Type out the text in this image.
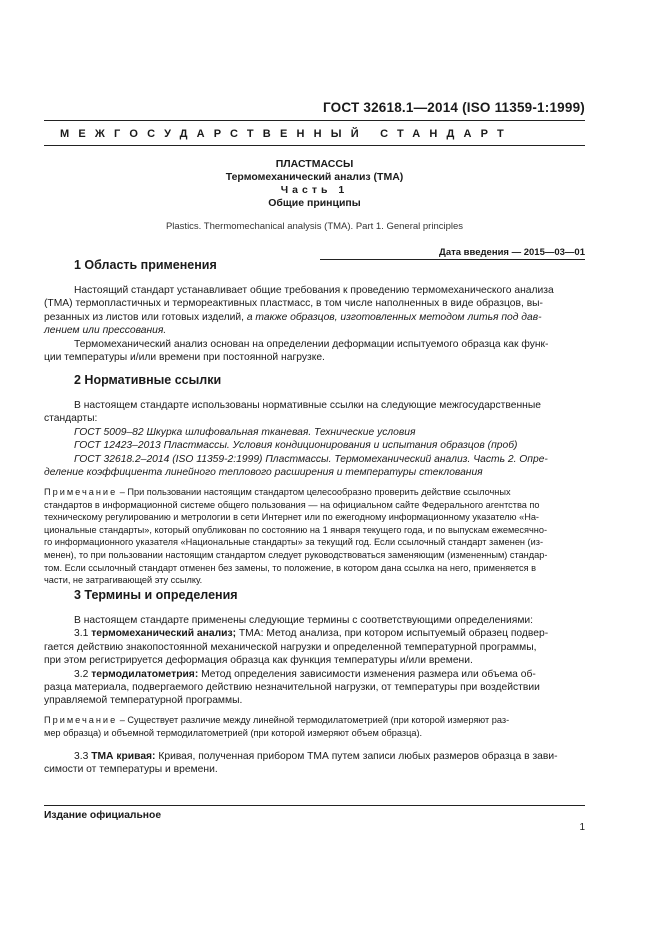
ГОСТ 32618.1—2014 (ISO 11359-1:1999)
МЕЖГОСУДАРСТВЕННЫЙ СТАНДАРТ
ПЛАСТМАССЫ
Термомеханический анализ (ТМА)
Часть 1
Общие принципы
Plastics. Thermomechanical analysis (TMA). Part 1. General principles
Дата введения — 2015—03—01
1 Область применения
Настоящий стандарт устанавливает общие требования к проведению термомеханического анализа
(ТМА) термопластичных и термореактивных пластмасс, в том числе наполненных в виде образцов, вы-
резанных из листов или готовых изделий, а также образцов, изготовленных методом литья под дав-
лением или прессования.
Термомеханический анализ основан на определении деформации испытуемого образца как функ-
ции температуры и/или времени при постоянной нагрузке.
2 Нормативные ссылки
В настоящем стандарте использованы нормативные ссылки на следующие межгосударственные
стандарты:
ГОСТ 5009–82 Шкурка шлифовальная тканевая. Технические условия
ГОСТ 12423–2013 Пластмассы. Условия кондиционирования и испытания образцов (проб)
ГОСТ 32618.2–2014 (ISO 11359-2:1999) Пластмассы. Термомеханический анализ. Часть 2. Опре-
деление коэффициента линейного теплового расширения и температуры стеклования
Примечание – При пользовании настоящим стандартом целесообразно проверить действие ссылочных
стандартов в информационной системе общего пользования — на официальном сайте Федерального агентства по
техническому регулированию и метрологии в сети Интернет или по ежегодному информационному указателю «На-
циональные стандарты», который опубликован по состоянию на 1 января текущего года, и по выпускам ежемесячно-
го информационного указателя «Национальные стандарты» за текущий год. Если ссылочный стандарт заменен (из-
менен), то при пользовании настоящим стандартом следует руководствоваться заменяющим (измененным) стандар-
том. Если ссылочный стандарт отменен без замены, то положение, в котором дана ссылка на него, применяется в
части, не затрагивающей эту ссылку.
3 Термины и определения
В настоящем стандарте применены следующие термины с соответствующими определениями:
3.1 термомеханический анализ; ТМА: Метод анализа, при котором испытуемый образец подвер-
гается действию знакопостоянной механической нагрузки и определенной температурной программы,
при этом регистрируется деформация образца как функция температуры и/или времени.
3.2 термодилатометрия: Метод определения зависимости изменения размера или объема об-
разца материала, подвергаемого действию незначительной нагрузки, от температуры при воздействии
управляемой температурной программы.
Примечание – Существует различие между линейной термодилатометрией (при которой измеряют раз-
мер образца) и объемной термодилатометрией (при которой измеряют объем образца).
3.3 ТМА кривая: Кривая, полученная прибором ТМА путем записи любых размеров образца в зави-
симости от температуры и времени.
Издание официальное
1
